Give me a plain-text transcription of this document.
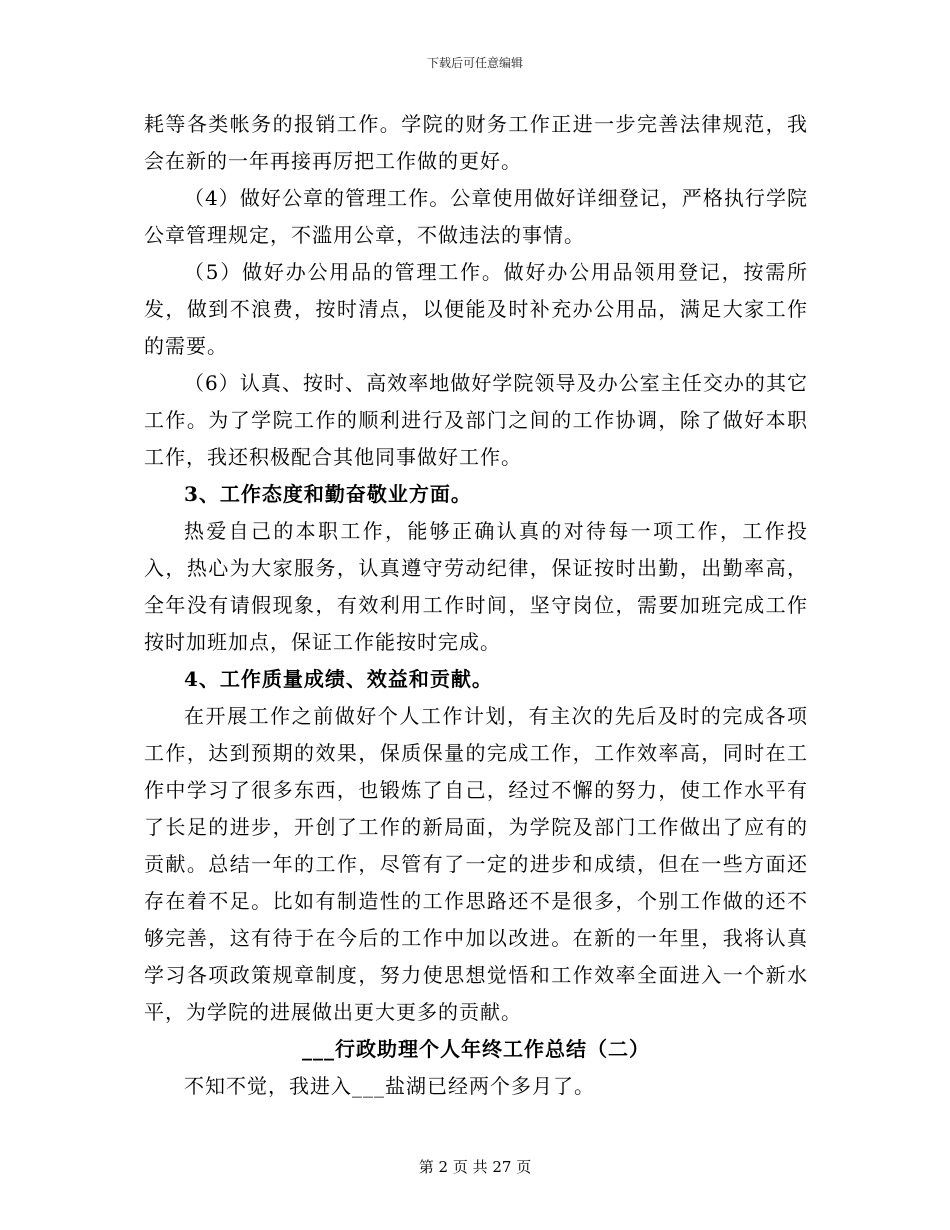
下载后可任意编辑

耗等各类帐务的报销工作。学院的财务工作正进一步完善法律规范，我会在新的一年再接再厉把工作做的更好。

（4）做好公章的管理工作。公章使用做好详细登记，严格执行学院公章管理规定，不滥用公章，不做违法的事情。

（5）做好办公用品的管理工作。做好办公用品领用登记，按需所发，做到不浪费，按时清点，以便能及时补充办公用品，满足大家工作的需要。

（6）认真、按时、高效率地做好学院领导及办公室主任交办的其它工作。为了学院工作的顺利进行及部门之间的工作协调，除了做好本职工作，我还积极配合其他同事做好工作。

3、工作态度和勤奋敬业方面。

热爱自己的本职工作，能够正确认真的对待每一项工作，工作投入，热心为大家服务，认真遵守劳动纪律，保证按时出勤，出勤率高，全年没有请假现象，有效利用工作时间，坚守岗位，需要加班完成工作按时加班加点，保证工作能按时完成。

4、工作质量成绩、效益和贡献。

在开展工作之前做好个人工作计划，有主次的先后及时的完成各项工作，达到预期的效果，保质保量的完成工作，工作效率高，同时在工作中学习了很多东西，也锻炼了自己，经过不懈的努力，使工作水平有了长足的进步，开创了工作的新局面，为学院及部门工作做出了应有的贡献。总结一年的工作，尽管有了一定的进步和成绩，但在一些方面还存在着不足。比如有制造性的工作思路还不是很多，个别工作做的还不够完善，这有待于在今后的工作中加以改进。在新的一年里，我将认真学习各项政策规章制度，努力使思想觉悟和工作效率全面进入一个新水平，为学院的进展做出更大更多的贡献。

___行政助理个人年终工作总结（二）

不知不觉，我进入___盐湖已经两个多月了。

第 2 页 共 27 页
